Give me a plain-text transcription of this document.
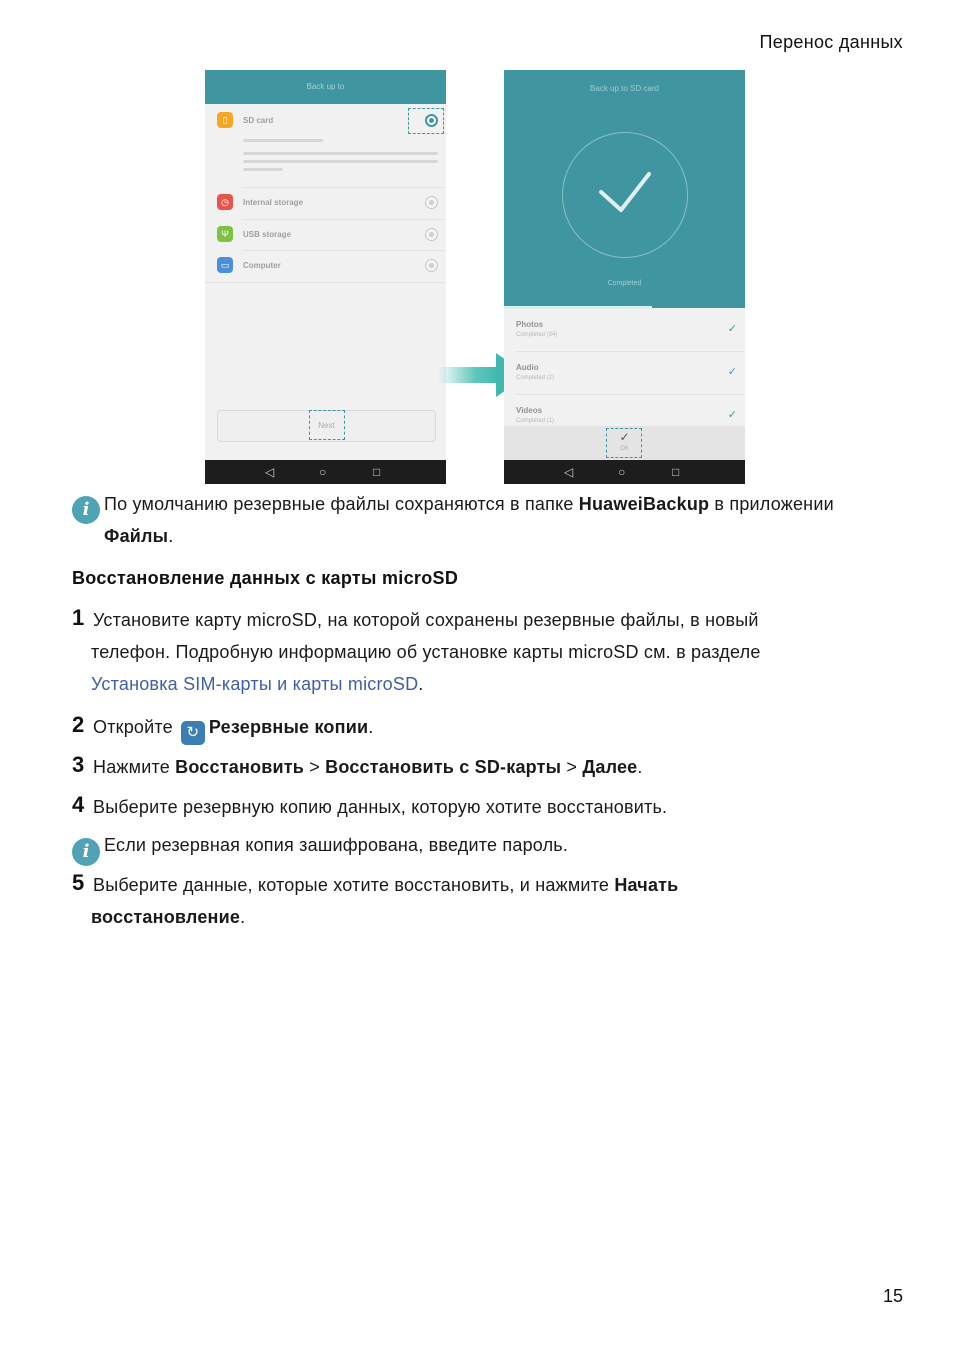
Перенос данных
Back up to
▯	SD card
◷	Internal storage
Ψ	USB storage
▭	Computer
Next
◁	○	□
Back up to SD card
Completed
Photos
Completed (34)	✓
Audio
Completed (2)	✓
Videos
Completed (1)	✓
✓
OK
◁	○	□
i По умолчанию резервные файлы сохраняются в папке HuaweiBackup в приложении
Файлы.
Восстановление данных с карты microSD
1 Установите карту microSD, на которой сохранены резервные файлы, в новый
телефон. Подробную информацию об установке карты microSD см. в разделе
Установка SIM-карты и карты microSD.
2 Откройте ↻ Резервные копии.
3 Нажмите Восстановить > Восстановить с SD-карты > Далее.
4 Выберите резервную копию данных, которую хотите восстановить.
i Если резервная копия зашифрована, введите пароль.
5 Выберите данные, которые хотите восстановить, и нажмите Начать
восстановление.
15
